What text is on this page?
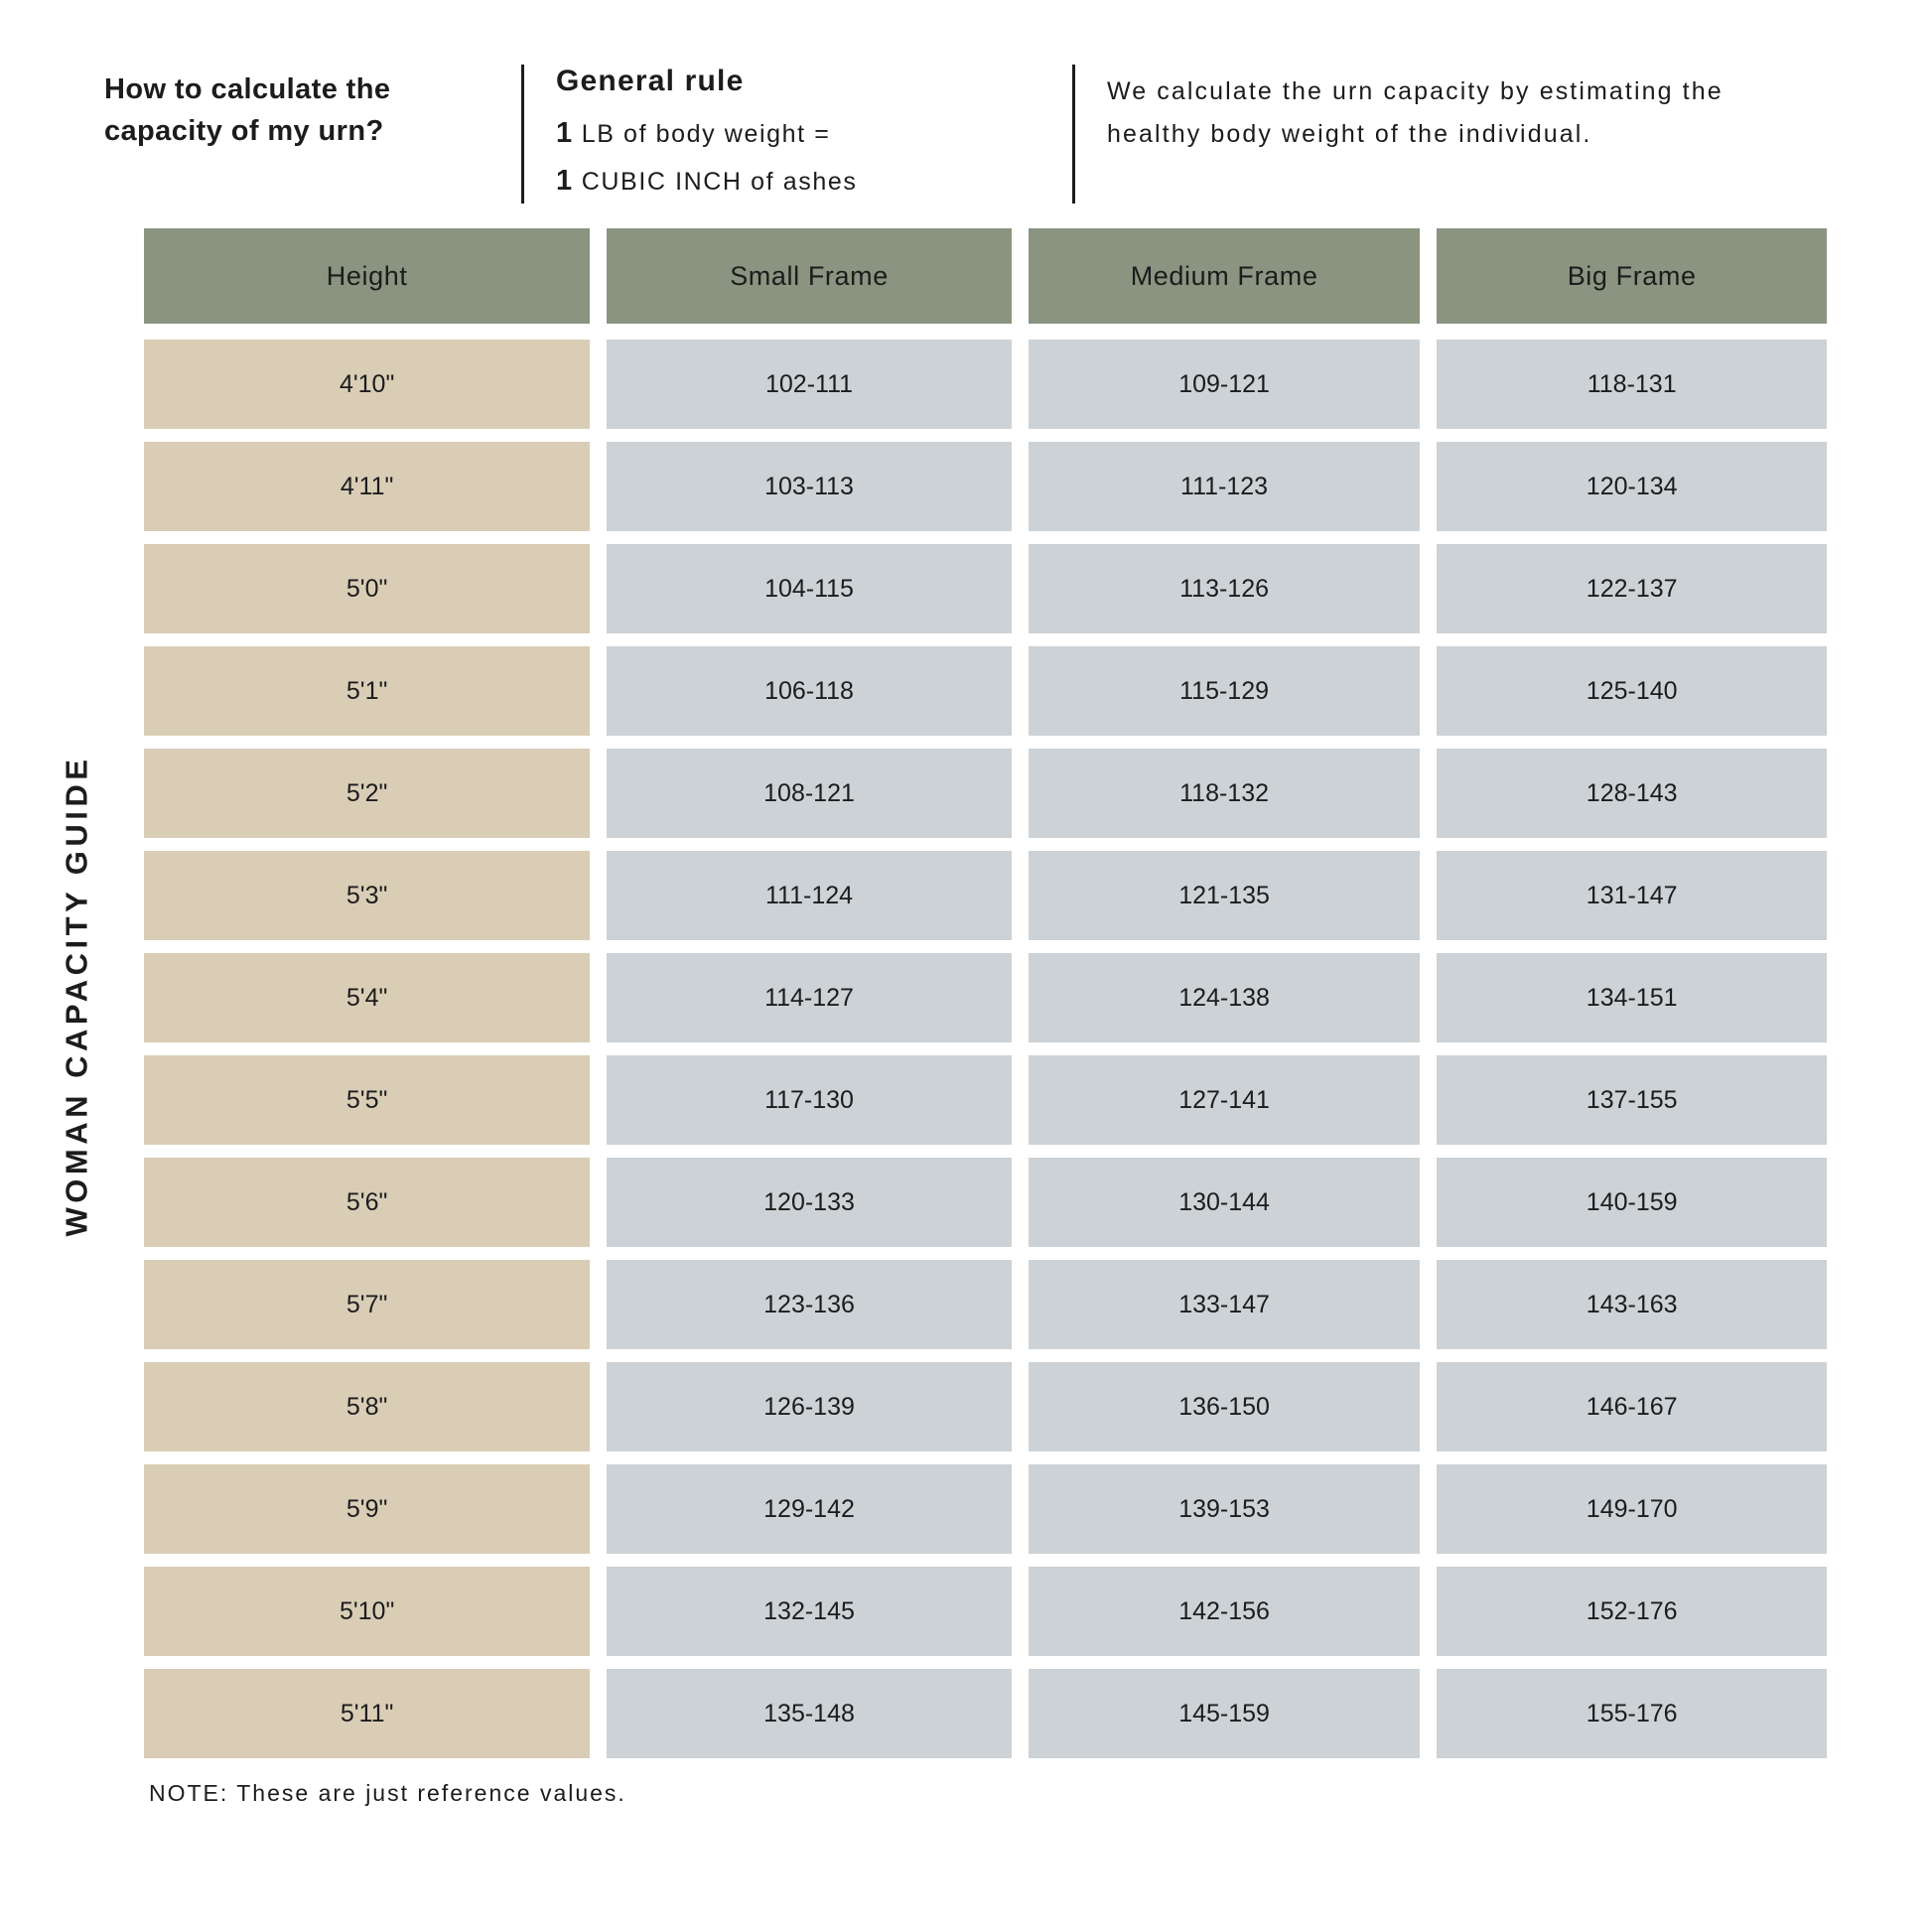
WOMAN CAPACITY GUIDE
How to calculate the capacity of my urn?
General rule
1 LB of body weight =
1 CUBIC INCH of ashes
We calculate the urn capacity by estimating the healthy body weight of the individual.
Height	Small Frame	Medium Frame	Big Frame
4'10"	102-111	109-121	118-131
4'11"	103-113	111-123	120-134
5'0"	104-115	113-126	122-137
5'1"	106-118	115-129	125-140
5'2"	108-121	118-132	128-143
5'3"	111-124	121-135	131-147
5'4"	114-127	124-138	134-151
5'5"	117-130	127-141	137-155
5'6"	120-133	130-144	140-159
5'7"	123-136	133-147	143-163
5'8"	126-139	136-150	146-167
5'9"	129-142	139-153	149-170
5'10"	132-145	142-156	152-176
5'11"	135-148	145-159	155-176
NOTE: These are just reference values.
